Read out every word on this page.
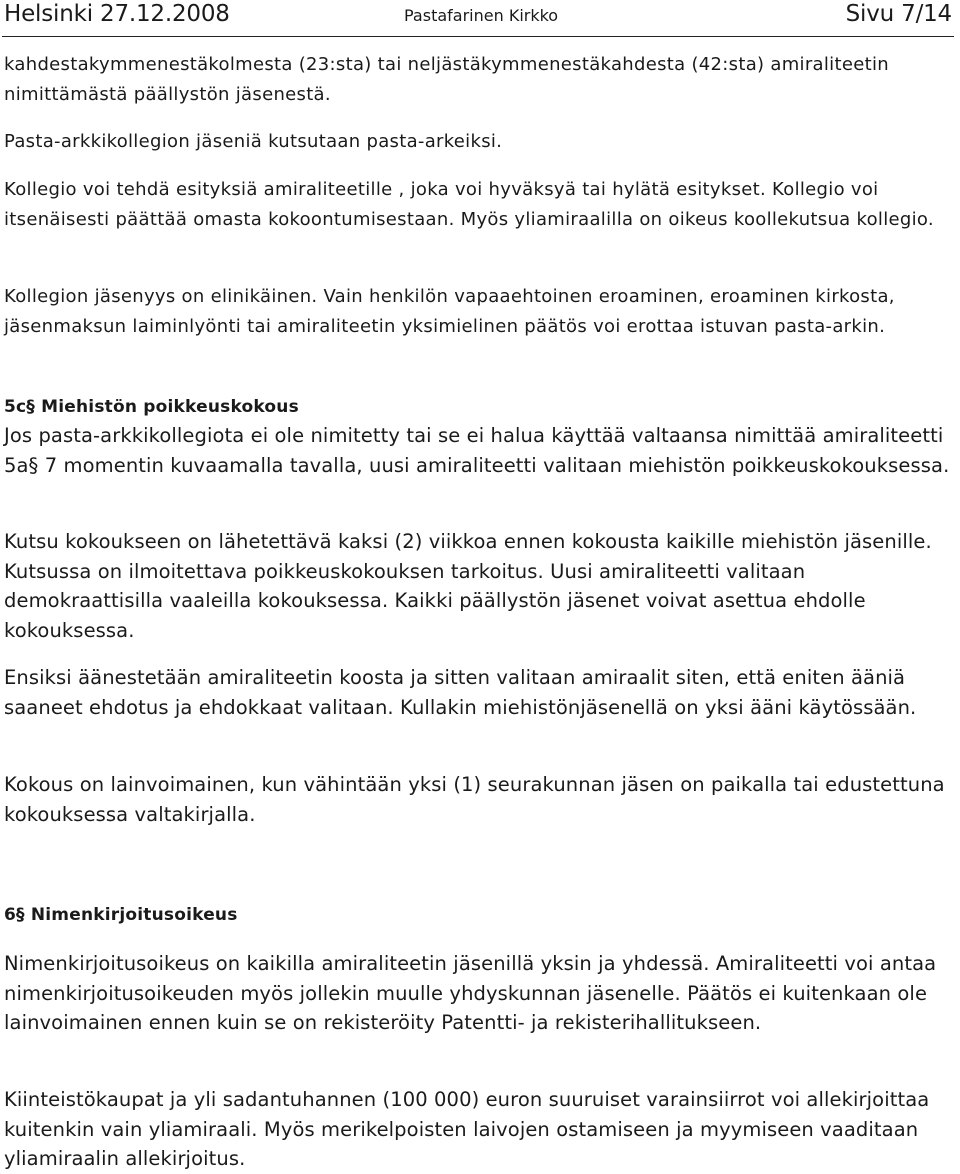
Helsinki 27.12.2008	Pastafarinen Kirkko	Sivu 7/14

kahdestakymmenestäkolmesta (23:sta) tai neljästäkymmenestäkahdesta (42:sta) amiraliteetin nimittämästä päällystön jäsenestä.

Pasta-arkkikollegion jäseniä kutsutaan pasta-arkeiksi.

Kollegio voi tehdä esityksiä amiraliteetille , joka voi hyväksyä tai hylätä esitykset. Kollegio voi itsenäisesti päättää omasta kokoontumisestaan. Myös yliamiraalilla on oikeus koollekutsua kollegio.

Kollegion jäsenyys on elinikäinen. Vain henkilön vapaaehtoinen eroaminen, eroaminen kirkosta, jäsenmaksun laiminlyönti tai amiraliteetin yksimielinen päätös voi erottaa istuvan pasta-arkin.

5c§ Miehistön poikkeuskokous

Jos pasta-arkkikollegiota ei ole nimitetty tai se ei halua käyttää valtaansa nimittää amiraliteetti 5a§ 7 momentin kuvaamalla tavalla, uusi amiraliteetti valitaan miehistön poikkeuskokouksessa.

Kutsu kokoukseen on lähetettävä kaksi (2) viikkoa ennen kokousta kaikille miehistön jäsenille. Kutsussa on ilmoitettava poikkeuskokouksen tarkoitus. Uusi amiraliteetti valitaan demokraattisilla vaaleilla kokouksessa. Kaikki päällystön jäsenet voivat asettua ehdolle kokouksessa.

Ensiksi äänestetään amiraliteetin koosta ja sitten valitaan amiraalit siten, että eniten ääniä saaneet ehdotus ja ehdokkaat valitaan. Kullakin miehistönjäsenellä on yksi ääni käytössään.

Kokous on lainvoimainen, kun vähintään yksi (1) seurakunnan jäsen on paikalla tai edustettuna kokouksessa valtakirjalla.

6§ Nimenkirjoitusoikeus

Nimenkirjoitusoikeus on kaikilla amiraliteetin jäsenillä yksin ja yhdessä. Amiraliteetti voi antaa nimenkirjoitusoikeuden myös jollekin muulle yhdyskunnan jäsenelle. Päätös ei kuitenkaan ole lainvoimainen ennen kuin se on rekisteröity Patentti- ja rekisterihallitukseen.

Kiinteistökaupat ja yli sadantuhannen (100 000) euron suuruiset varainsiirrot voi allekirjoittaa kuitenkin vain yliamiraali. Myös merikelpoisten laivojen ostamiseen ja myymiseen vaaditaan yliamiraalin allekirjoitus.
